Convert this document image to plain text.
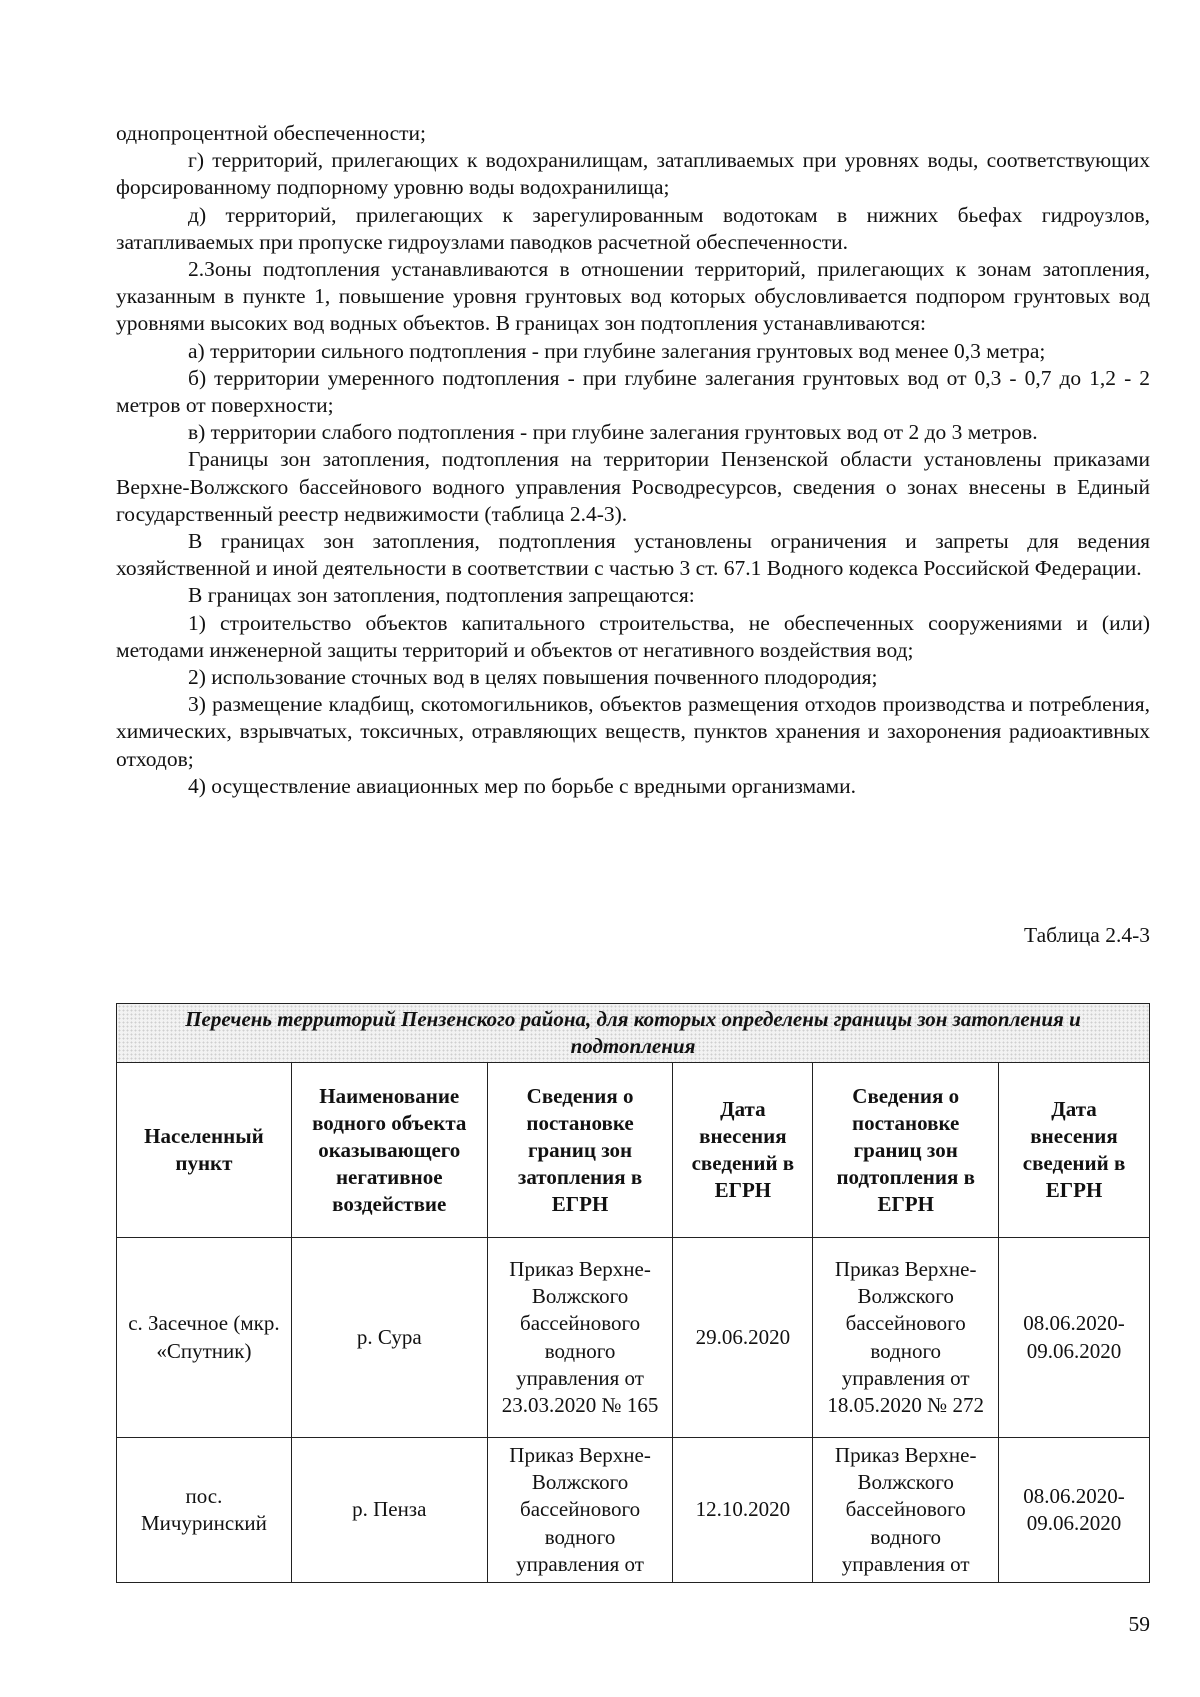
однопроцентной обеспеченности;

г) территорий, прилегающих к водохранилищам, затапливаемых при уровнях воды, соответствующих форсированному подпорному уровню воды водохранилища;

д) территорий, прилегающих к зарегулированным водотокам в нижних бьефах гидроузлов, затапливаемых при пропуске гидроузлами паводков расчетной обеспеченности.

2.Зоны подтопления устанавливаются в отношении территорий, прилегающих к зонам затопления, указанным в пункте 1, повышение уровня грунтовых вод которых обусловливается подпором грунтовых вод уровнями высоких вод водных объектов. В границах зон подтопления устанавливаются:

а) территории сильного подтопления - при глубине залегания грунтовых вод менее 0,3 метра;

б) территории умеренного подтопления - при глубине залегания грунтовых вод от 0,3 - 0,7 до 1,2 - 2 метров от поверхности;

в) территории слабого подтопления - при глубине залегания грунтовых вод от 2 до 3 метров.

Границы зон затопления, подтопления на территории Пензенской области установлены приказами Верхне-Волжского бассейнового водного управления Росводресурсов, сведения о зонах внесены в Единый государственный реестр недвижимости (таблица 2.4-3).

В границах зон затопления, подтопления установлены ограничения и запреты для ведения хозяйственной и иной деятельности в соответствии с частью 3 ст. 67.1 Водного кодекса Российской Федерации.

В границах зон затопления, подтопления запрещаются:

1) строительство объектов капитального строительства, не обеспеченных сооружениями и (или) методами инженерной защиты территорий и объектов от негативного воздействия вод;

2) использование сточных вод в целях повышения почвенного плодородия;

3) размещение кладбищ, скотомогильников, объектов размещения отходов производства и потребления, химических, взрывчатых, токсичных, отравляющих веществ, пунктов хранения и захоронения радиоактивных отходов;

4) осуществление авиационных мер по борьбе с вредными организмами.

Таблица 2.4-3
Перечень территорий Пензенского района, для которых определены границы зон затопления и подтопления					
Населенный пункт	Наименование водного объекта оказывающего негативное воздействие	Сведения о постановке границ зон затопления в ЕГРН	Дата внесения сведений в ЕГРН	Сведения о постановке границ зон подтопления в ЕГРН	Дата внесения сведений в ЕГРН
с. Засечное (мкр. «Спутник)	р. Сура	Приказ Верхне-Волжского бассейнового водного управления от 23.03.2020 № 165	29.06.2020	Приказ Верхне-Волжского бассейнового водного управления от 18.05.2020 № 272	08.06.2020-09.06.2020
пос. Мичуринский	р. Пенза	Приказ Верхне-Волжского бассейнового водного управления от	12.10.2020	Приказ Верхне-Волжского бассейнового водного управления от	08.06.2020-09.06.2020
59
